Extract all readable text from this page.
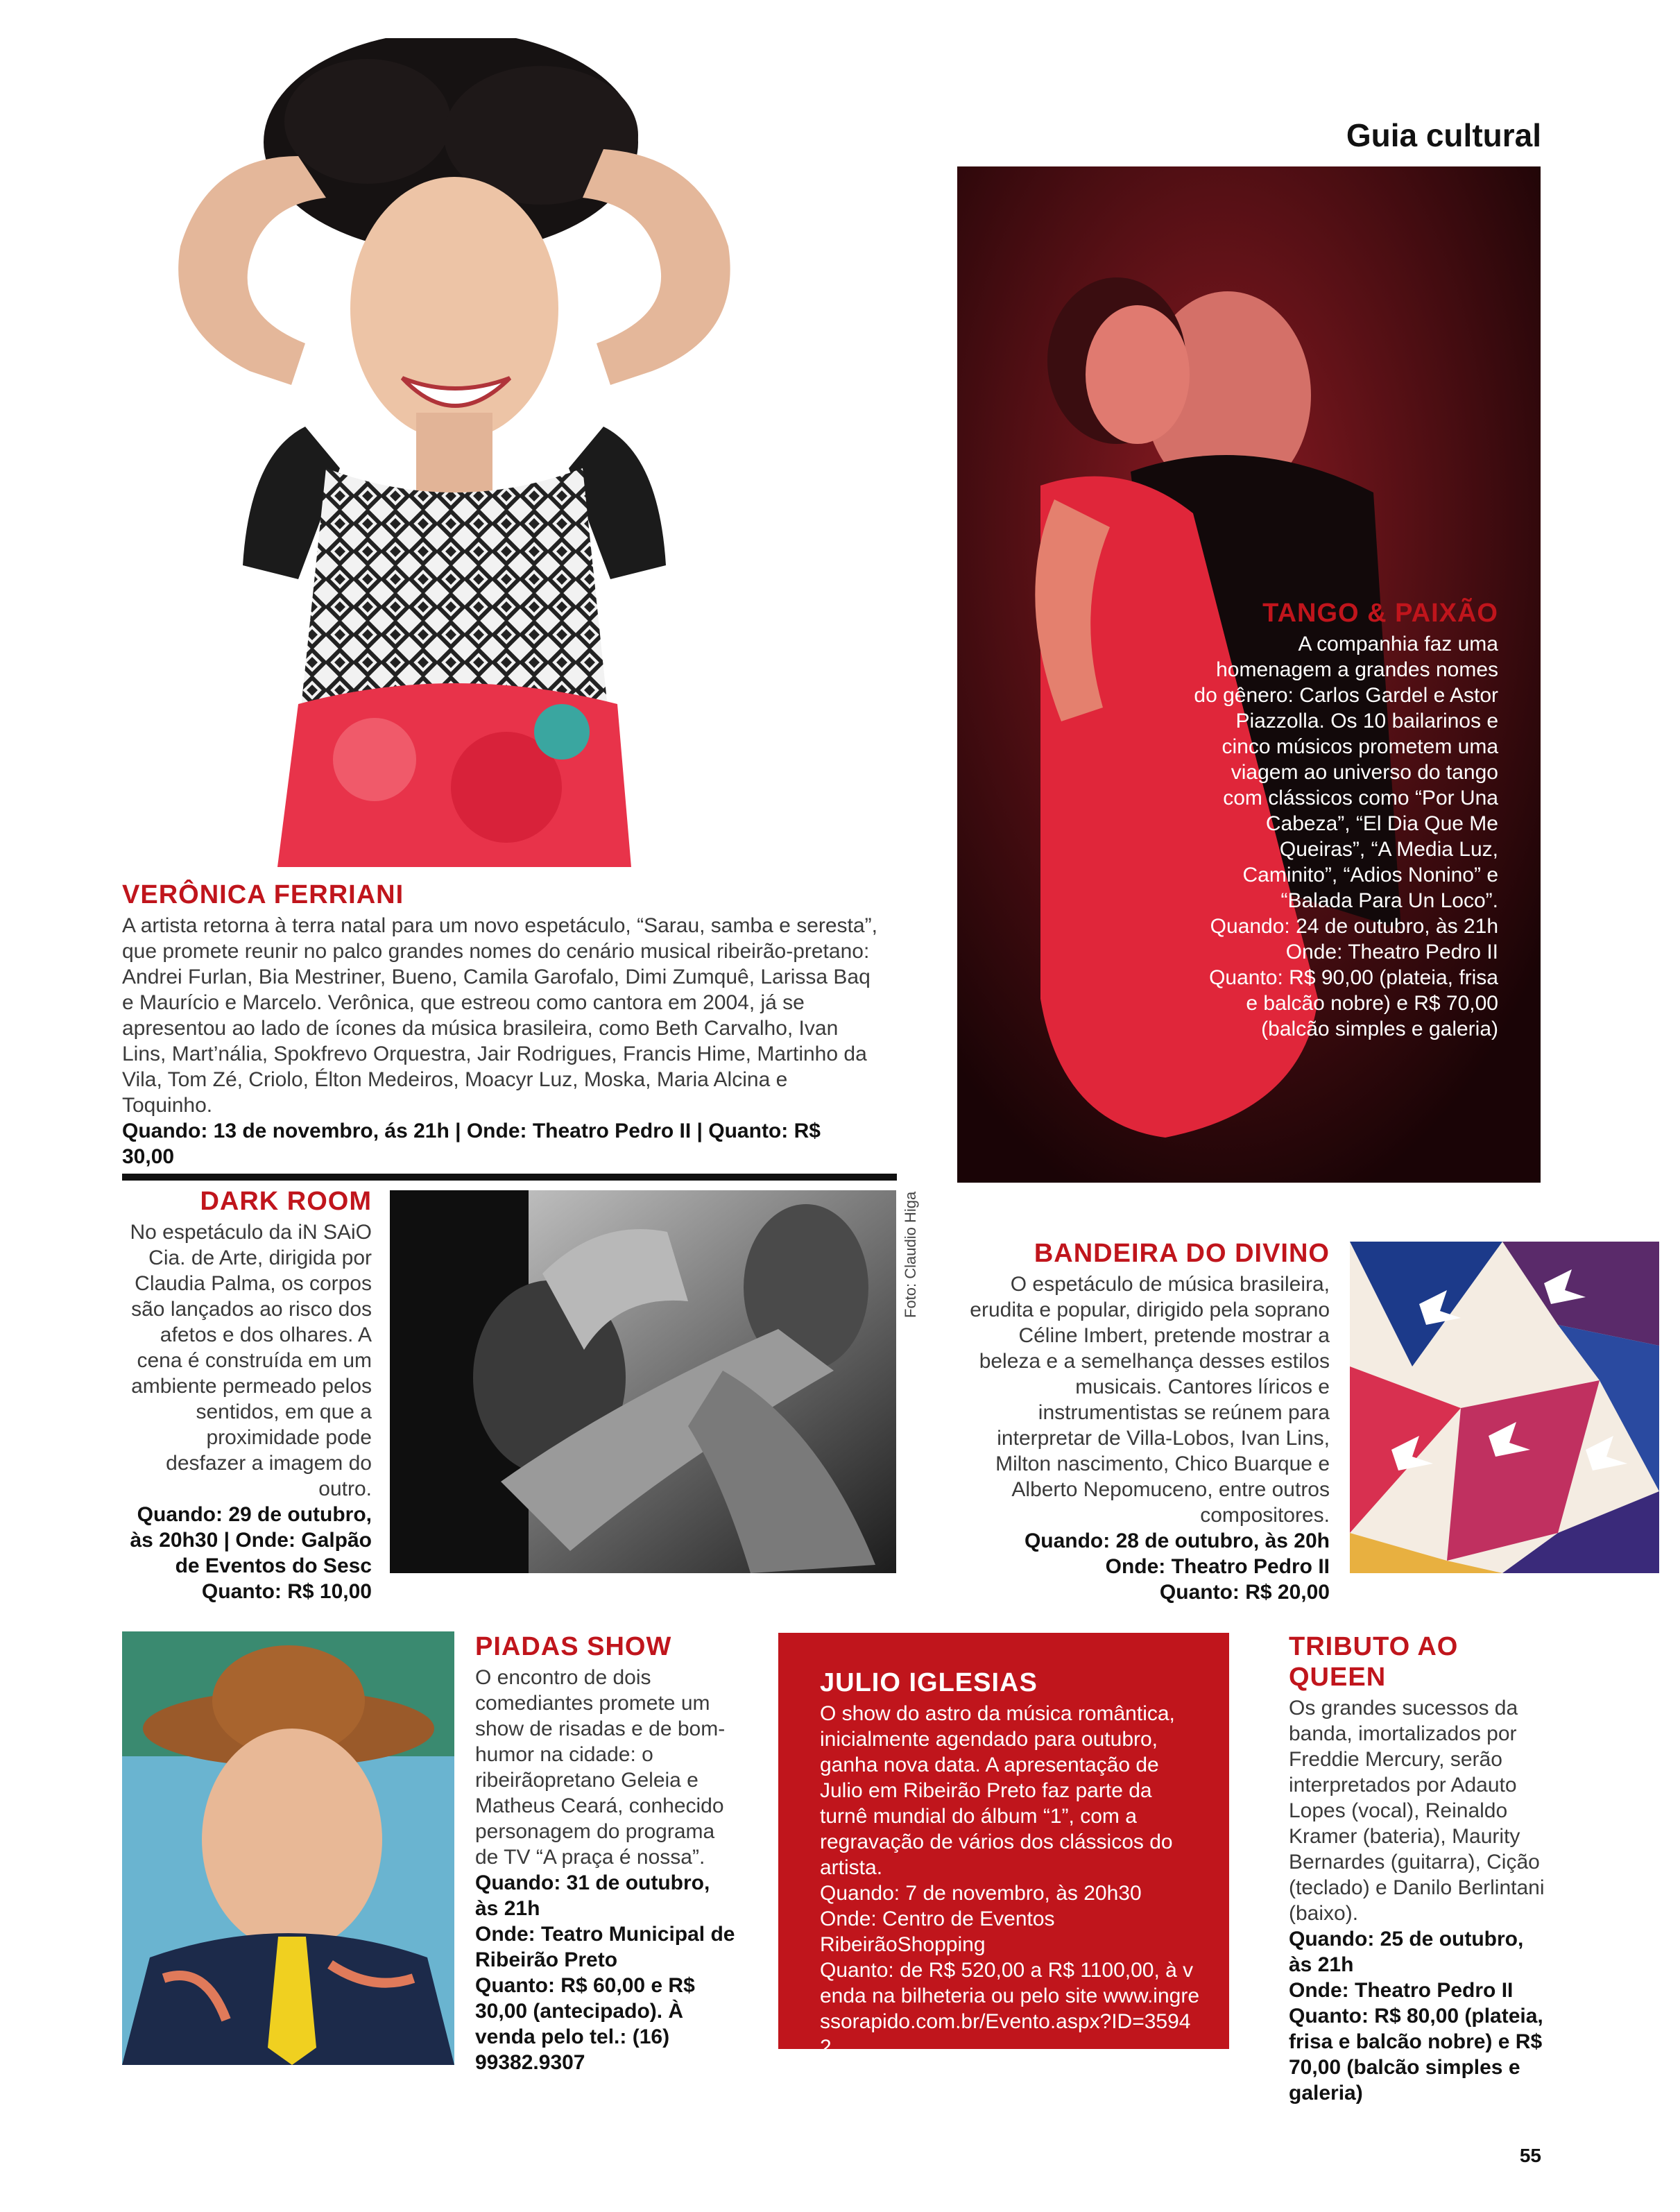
Guia cultural
VERÔNICA FERRIANI
A artista retorna à terra natal para um novo espetáculo, “Sarau, samba e seresta”, que promete reunir no palco grandes nomes do cenário musical ribeirão-pretano: Andrei Furlan, Bia Mestriner, Bueno, Camila Garofalo, Dimi Zumquê, Larissa Baq e Maurício e Marcelo. Verônica, que estreou como cantora em 2004, já se apresentou ao lado de ícones da música brasileira, como Beth Carvalho, Ivan Lins, Mart’nália, Spokfrevo Orquestra, Jair Rodrigues, Francis Hime, Martinho da Vila, Tom Zé, Criolo, Élton Medeiros, Moacyr Luz, Moska, Maria Alcina e Toquinho.
Quando: 13 de novembro, ás 21h | Onde: Theatro Pedro II | Quanto: R$ 30,00
TANGO & PAIXÃO
A companhia faz uma homenagem a grandes nomes do gênero: Carlos Gardel e Astor Piazzolla. Os 10 bailarinos e cinco músicos prometem uma viagem ao universo do tango com clássicos como “Por Una Cabeza”, “El Dia Que Me Queiras”, “A Media Luz, Caminito”, “Adios Nonino” e “Balada Para Un Loco”.
Quando: 24 de outubro, às 21h
Onde: Theatro Pedro II
Quanto: R$ 90,00 (plateia, frisa e balcão nobre) e R$ 70,00 (balcão simples e galeria)
DARK ROOM
No espetáculo da iN SAiO Cia. de Arte, dirigida por Claudia Palma, os corpos são lançados ao risco dos afetos e dos olhares. A cena é construída em um ambiente permeado pelos sentidos, em que a proximidade pode desfazer a imagem do outro.
Quando: 29 de outubro, às 20h30 | Onde: Galpão de Eventos do Sesc
Quanto: R$ 10,00
Foto: Claudio Higa	BANDEIRA DO DIVINO
O espetáculo de música brasileira, erudita e popular, dirigido pela soprano Céline Imbert, pretende mostrar a beleza e a semelhança desses estilos musicais. Cantores líricos e instrumentistas se reúnem para interpretar de Villa-Lobos, Ivan Lins, Milton nascimento, Chico Buarque e Alberto Nepomuceno, entre outros compositores.
Quando: 28 de outubro, às 20h
Onde: Theatro Pedro II
Quanto: R$ 20,00
PIADAS SHOW
O encontro de dois comediantes promete um show de risadas e de bom-humor na cidade: o ribeirãopretano Geleia e Matheus Ceará, conhecido personagem do programa de TV “A praça é nossa”.
Quando: 31 de outubro, às 21h
Onde: Teatro Municipal de Ribeirão Preto
Quanto: R$ 60,00 e R$ 30,00 (antecipado). À venda pelo tel.: (16) 99382.9307
JULIO IGLESIAS
O show do astro da música romântica, inicialmente agendado para outubro, ganha nova data. A apresentação de Julio em Ribeirão Preto faz parte da turnê mundial do álbum “1”, com a regravação de vários dos clássicos do artista.
Quando: 7 de novembro, às 20h30
Onde: Centro de Eventos RibeirãoShopping
Quanto: de R$ 520,00 a R$ 1100,00, à venda na bilheteria ou pelo site www.ingressorapido.com.br/Evento.aspx?ID=35942
TRIBUTO AO QUEEN
Os grandes sucessos da banda, imortalizados por Freddie Mercury, serão interpretados por Adauto Lopes (vocal), Reinaldo Kramer (bateria), Maurity Bernardes (guitarra), Cição (teclado) e Danilo Berlintani (baixo).
Quando: 25 de outubro, às 21h
Onde: Theatro Pedro II
Quanto: R$ 80,00 (plateia, frisa e balcão nobre) e R$ 70,00 (balcão simples e galeria)
55
